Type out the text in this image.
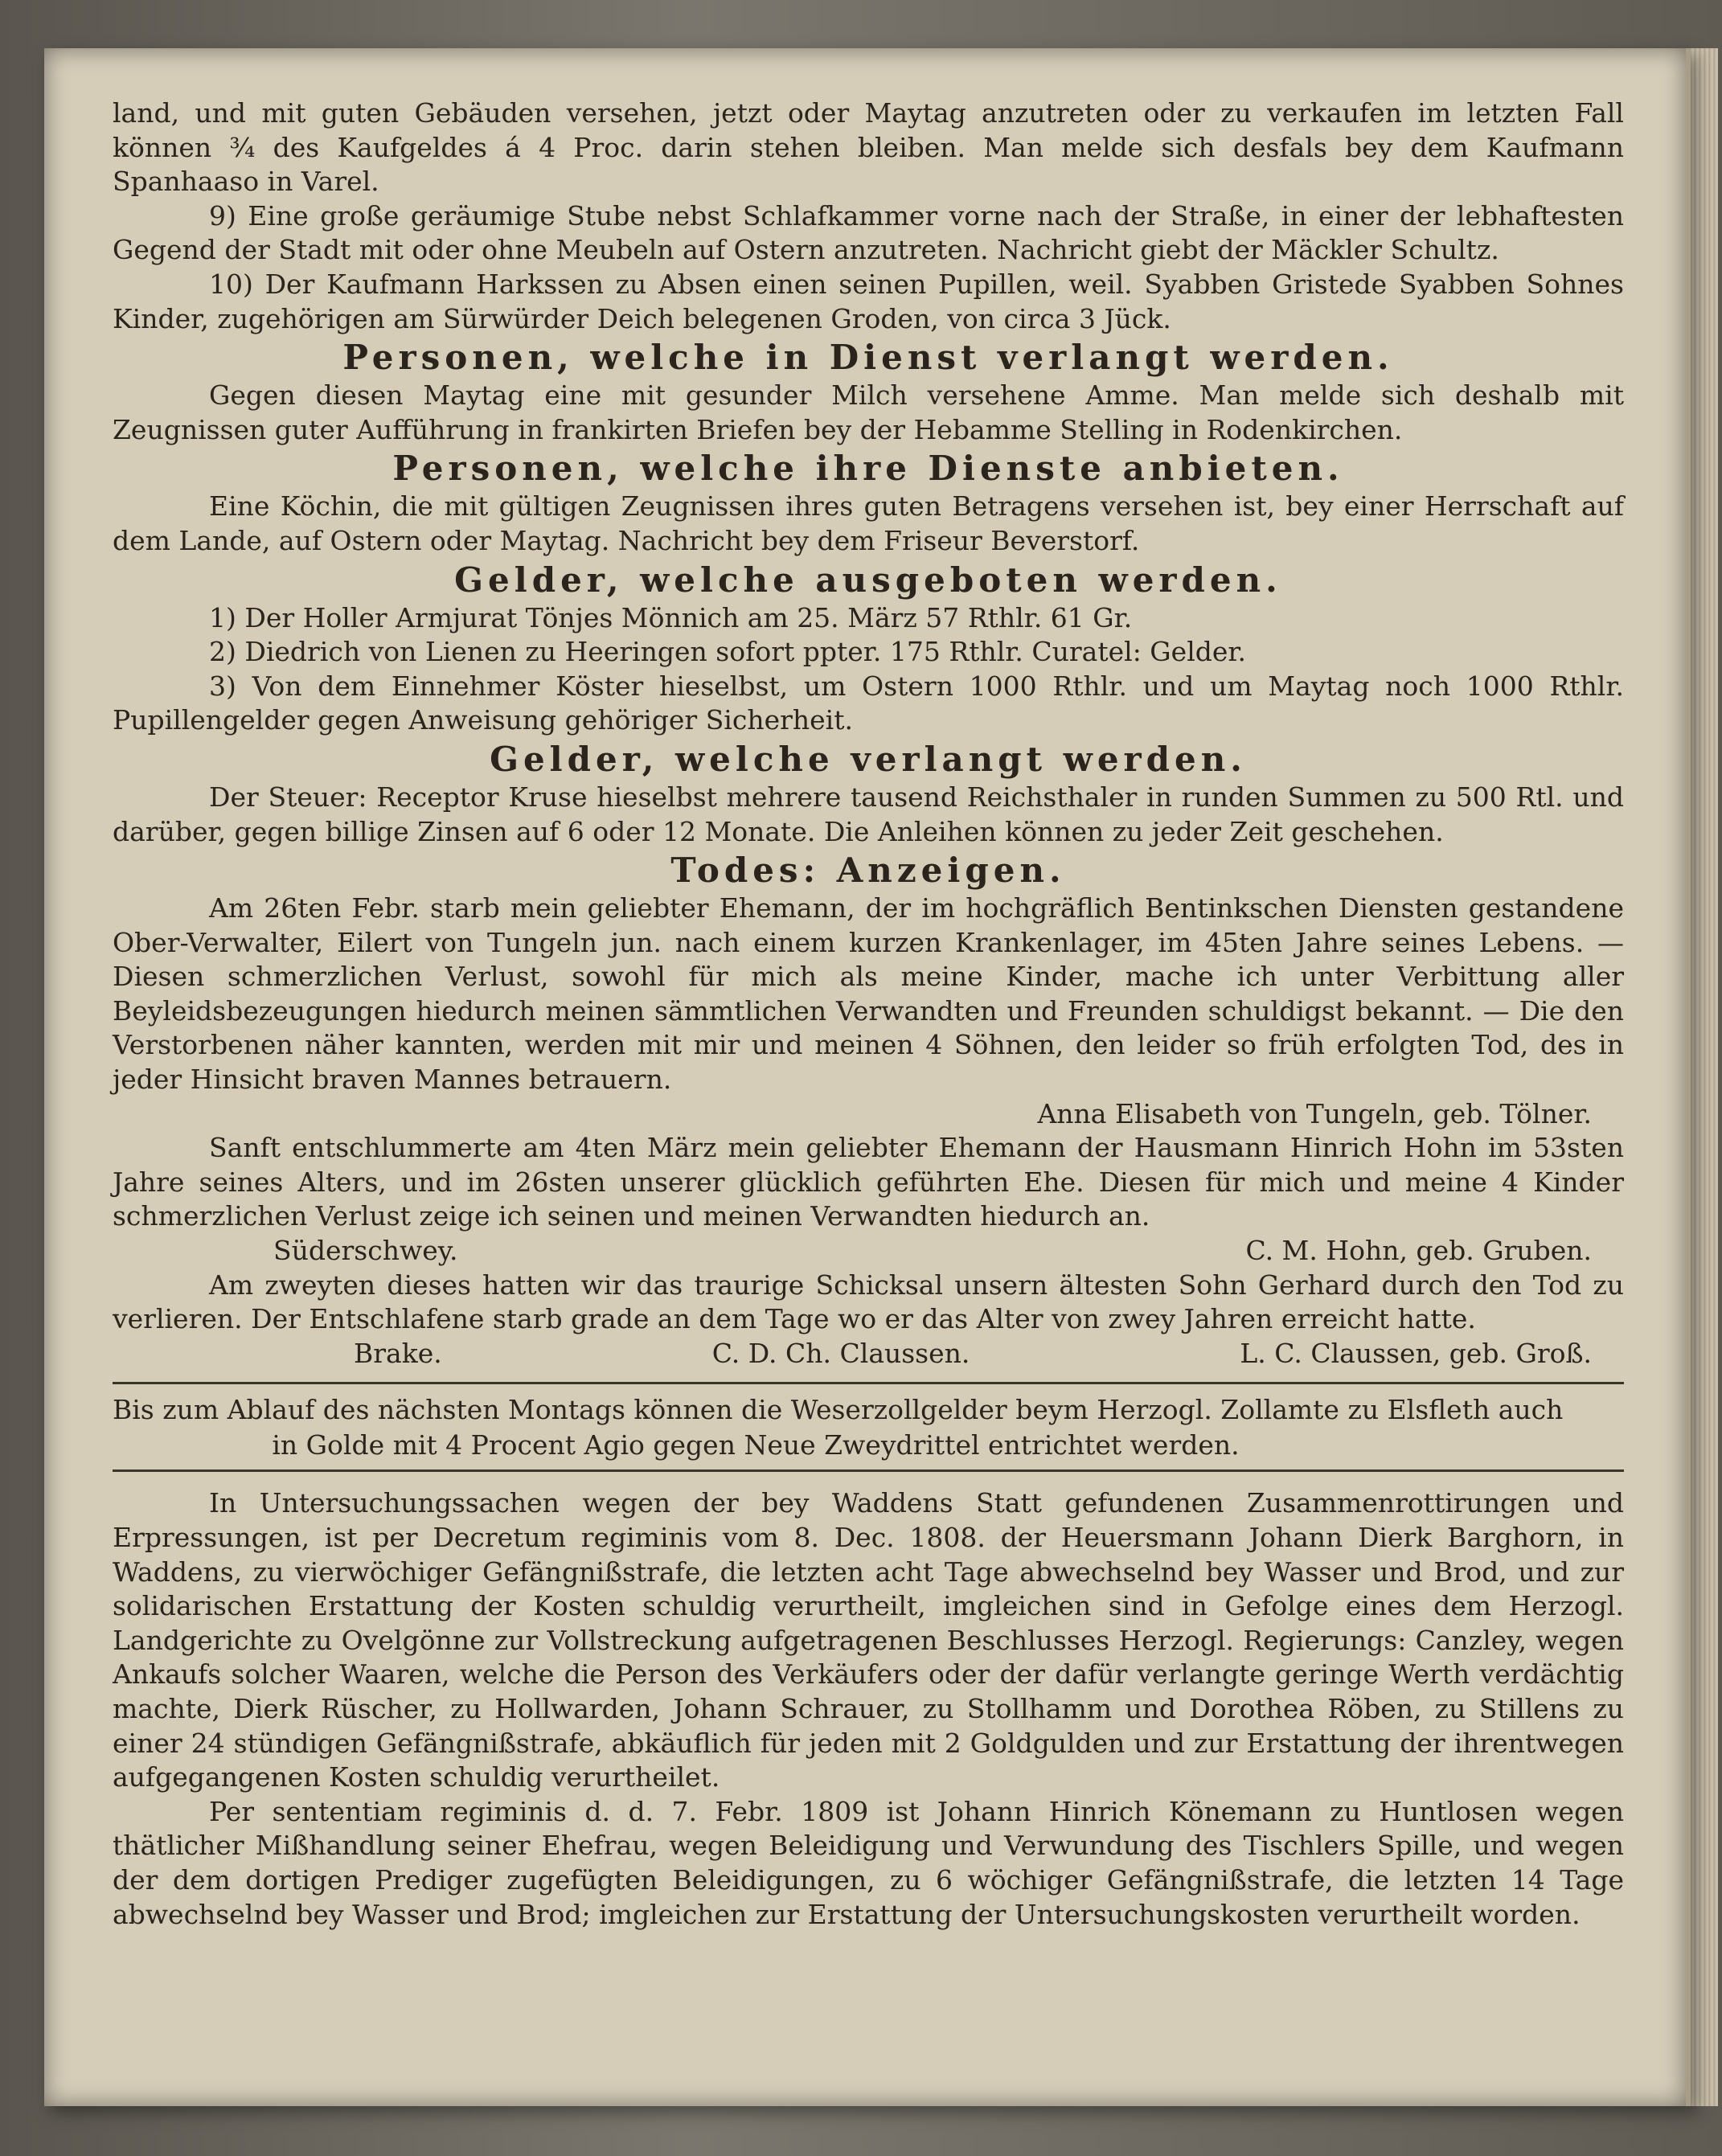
land, und mit guten Gebäuden versehen, jetzt oder Maytag anzutreten oder zu verkaufen im letzten Fall können ¾ des Kaufgeldes á 4 Proc. darin stehen bleiben. Man melde sich desfals bey dem Kaufmann Spanhaaso in Varel.

9) Eine große geräumige Stube nebst Schlafkammer vorne nach der Straße, in einer der lebhaftesten Gegend der Stadt mit oder ohne Meubeln auf Ostern anzutreten. Nachricht giebt der Mäckler Schultz.

10) Der Kaufmann Harkssen zu Absen einen seinen Pupillen, weil. Syabben Gristede Syabben Sohnes Kinder, zugehörigen am Sürwürder Deich belegenen Groden, von circa 3 Jück.

Personen, welche in Dienst verlangt werden.

Gegen diesen Maytag eine mit gesunder Milch versehene Amme. Man melde sich deshalb mit Zeugnissen guter Aufführung in frankirten Briefen bey der Hebamme Stelling in Rodenkirchen.

Personen, welche ihre Dienste anbieten.

Eine Köchin, die mit gültigen Zeugnissen ihres guten Betragens versehen ist, bey einer Herrschaft auf dem Lande, auf Ostern oder Maytag. Nachricht bey dem Friseur Beverstorf.

Gelder, welche ausgeboten werden.

1) Der Holler Armjurat Tönjes Mönnich am 25. März 57 Rthlr. 61 Gr.

2) Diedrich von Lienen zu Heeringen sofort ppter. 175 Rthlr. Curatel: Gelder.

3) Von dem Einnehmer Köster hieselbst, um Ostern 1000 Rthlr. und um Maytag noch 1000 Rthlr. Pupillengelder gegen Anweisung gehöriger Sicherheit.

Gelder, welche verlangt werden.

Der Steuer: Receptor Kruse hieselbst mehrere tausend Reichsthaler in runden Summen zu 500 Rtl. und darüber, gegen billige Zinsen auf 6 oder 12 Monate. Die Anleihen können zu jeder Zeit geschehen.

Todes: Anzeigen.

Am 26ten Febr. starb mein geliebter Ehemann, der im hochgräflich Bentinkschen Diensten gestandene Ober-Verwalter, Eilert von Tungeln jun. nach einem kurzen Krankenlager, im 45ten Jahre seines Lebens. — Diesen schmerzlichen Verlust, sowohl für mich als meine Kinder, mache ich unter Verbittung aller Beyleidsbezeugungen hiedurch meinen sämmtlichen Verwandten und Freunden schuldigst bekannt. — Die den Verstorbenen näher kannten, werden mit mir und meinen 4 Söhnen, den leider so früh erfolgten Tod, des in jeder Hinsicht braven Mannes betrauern.

Anna Elisabeth von Tungeln, geb. Tölner.

Sanft entschlummerte am 4ten März mein geliebter Ehemann der Hausmann Hinrich Hohn im 53sten Jahre seines Alters, und im 26sten unserer glücklich geführten Ehe. Diesen für mich und meine 4 Kinder schmerzlichen Verlust zeige ich seinen und meinen Verwandten hiedurch an.

Süderschwey.	C. M. Hohn, geb. Gruben.

Am zweyten dieses hatten wir das traurige Schicksal unsern ältesten Sohn Gerhard durch den Tod zu verlieren. Der Entschlafene starb grade an dem Tage wo er das Alter von zwey Jahren erreicht hatte.

Brake.	C. D. Ch. Claussen.	L. C. Claussen, geb. Groß.

Bis zum Ablauf des nächsten Montags können die Weserzollgelder beym Herzogl. Zollamte zu Elsfleth auch

in Golde mit 4 Procent Agio gegen Neue Zweydrittel entrichtet werden.

In Untersuchungssachen wegen der bey Waddens Statt gefundenen Zusammenrottirungen und Erpressungen, ist per Decretum regiminis vom 8. Dec. 1808. der Heuersmann Johann Dierk Barghorn, in Waddens, zu vierwöchiger Gefängnißstrafe, die letzten acht Tage abwechselnd bey Wasser und Brod, und zur solidarischen Erstattung der Kosten schuldig verurtheilt, imgleichen sind in Gefolge eines dem Herzogl. Landgerichte zu Ovelgönne zur Vollstreckung aufgetragenen Beschlusses Herzogl. Regierungs: Canzley, wegen Ankaufs solcher Waaren, welche die Person des Verkäufers oder der dafür verlangte geringe Werth verdächtig machte, Dierk Rüscher, zu Hollwarden, Johann Schrauer, zu Stollhamm und Dorothea Röben, zu Stillens zu einer 24 stündigen Gefängnißstrafe, abkäuflich für jeden mit 2 Goldgulden und zur Erstattung der ihrentwegen aufgegangenen Kosten schuldig verurtheilet.

Per sententiam regiminis d. d. 7. Febr. 1809 ist Johann Hinrich Könemann zu Huntlosen wegen thätlicher Mißhandlung seiner Ehefrau, wegen Beleidigung und Verwundung des Tischlers Spille, und wegen der dem dortigen Prediger zugefügten Beleidigungen, zu 6 wöchiger Gefängnißstrafe, die letzten 14 Tage abwechselnd bey Wasser und Brod; imgleichen zur Erstattung der Untersuchungskosten verurtheilt worden.
